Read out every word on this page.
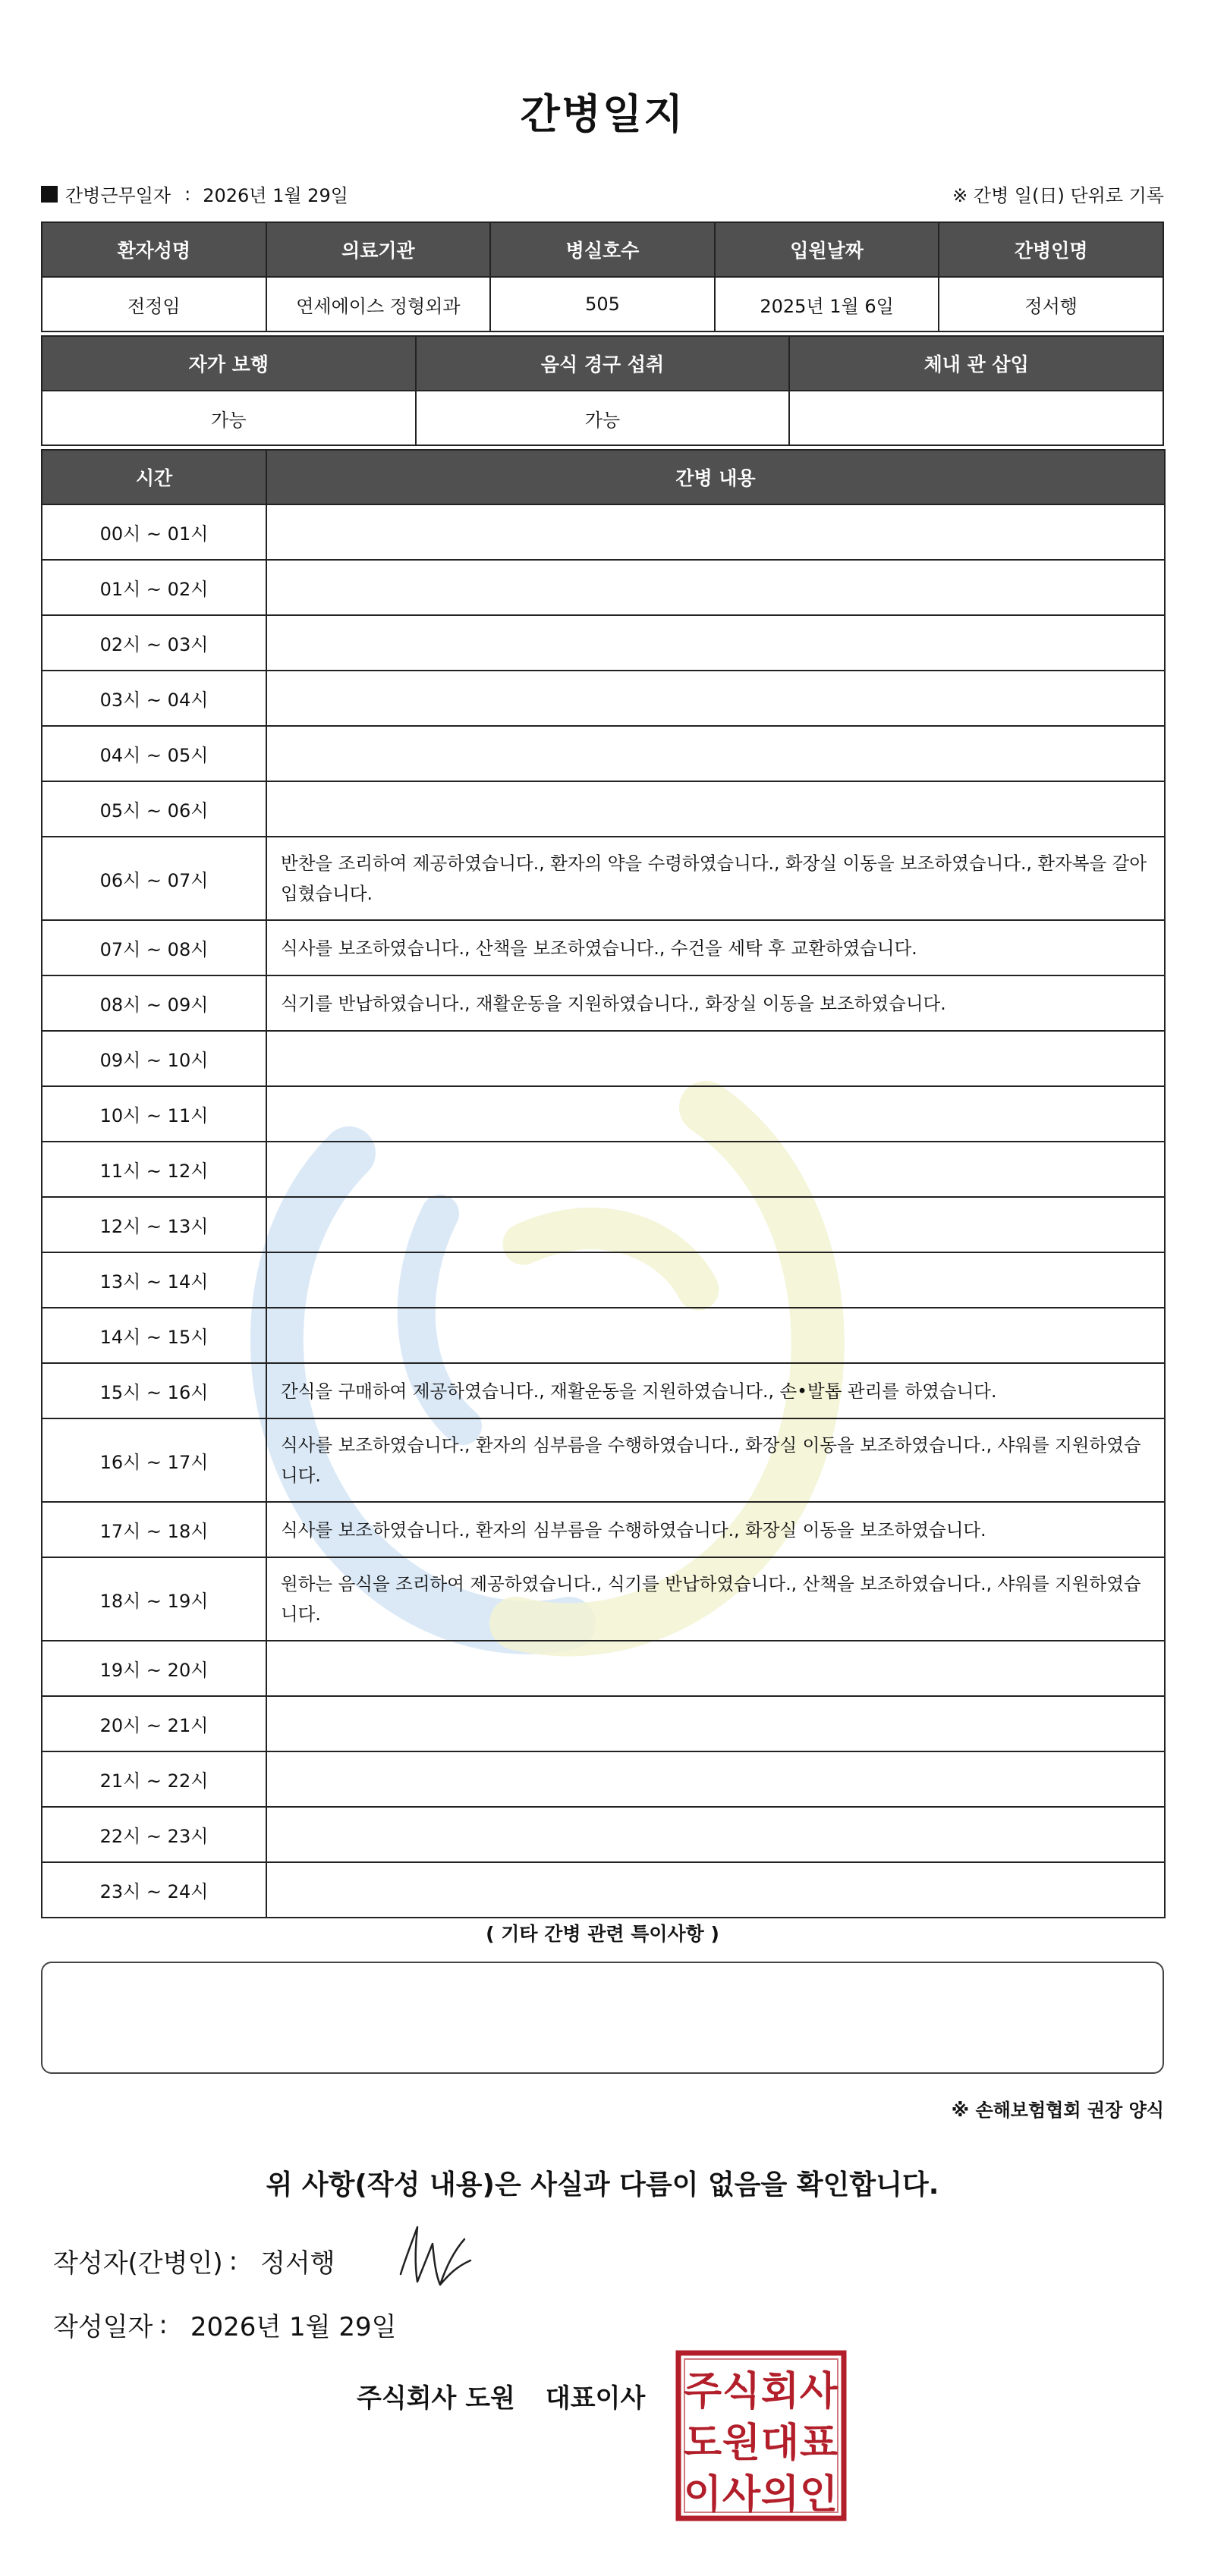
간병일지
간병근무일자 : 2026년 1월 29일	※ 간병 일(日) 단위로 기록
환자성명	의료기관	병실호수	입원날짜	간병인명
전정임	연세에이스 정형외과	505	2025년 1월 6일	정서행
자가 보행	음식 경구 섭취	체내 관 삽입
가능	가능	
시간	간병 내용
00시 ~ 01시	
01시 ~ 02시	
02시 ~ 03시	
03시 ~ 04시	
04시 ~ 05시	
05시 ~ 06시	
06시 ~ 07시	반찬을 조리하여 제공하였습니다., 환자의 약을 수령하였습니다., 화장실 이동을 보조하였습니다., 환자복을 갈아입혔습니다.
07시 ~ 08시	식사를 보조하였습니다., 산책을 보조하였습니다., 수건을 세탁 후 교환하였습니다.
08시 ~ 09시	식기를 반납하였습니다., 재활운동을 지원하였습니다., 화장실 이동을 보조하였습니다.
09시 ~ 10시	
10시 ~ 11시	
11시 ~ 12시	
12시 ~ 13시	
13시 ~ 14시	
14시 ~ 15시	
15시 ~ 16시	간식을 구매하여 제공하였습니다., 재활운동을 지원하였습니다., 손•발톱 관리를 하였습니다.
16시 ~ 17시	식사를 보조하였습니다., 환자의 심부름을 수행하였습니다., 화장실 이동을 보조하였습니다., 샤워를 지원하였습니다.
17시 ~ 18시	식사를 보조하였습니다., 환자의 심부름을 수행하였습니다., 화장실 이동을 보조하였습니다.
18시 ~ 19시	원하는 음식을 조리하여 제공하였습니다., 식기를 반납하였습니다., 산책을 보조하였습니다., 샤워를 지원하였습니다.
19시 ~ 20시	
20시 ~ 21시	
21시 ~ 22시	
22시 ~ 23시	
23시 ~ 24시	
( 기타 간병 관련 특이사항 )
※ 손해보험협회 권장 양식
위 사항(작성 내용)은 사실과 다름이 없음을 확인합니다.
작성자(간병인) : 정서행
작성일자 : 2026년 1월 29일
주식회사 도원 대표이사 주 식 회 사
도 원 대 표
이 사 의 인
